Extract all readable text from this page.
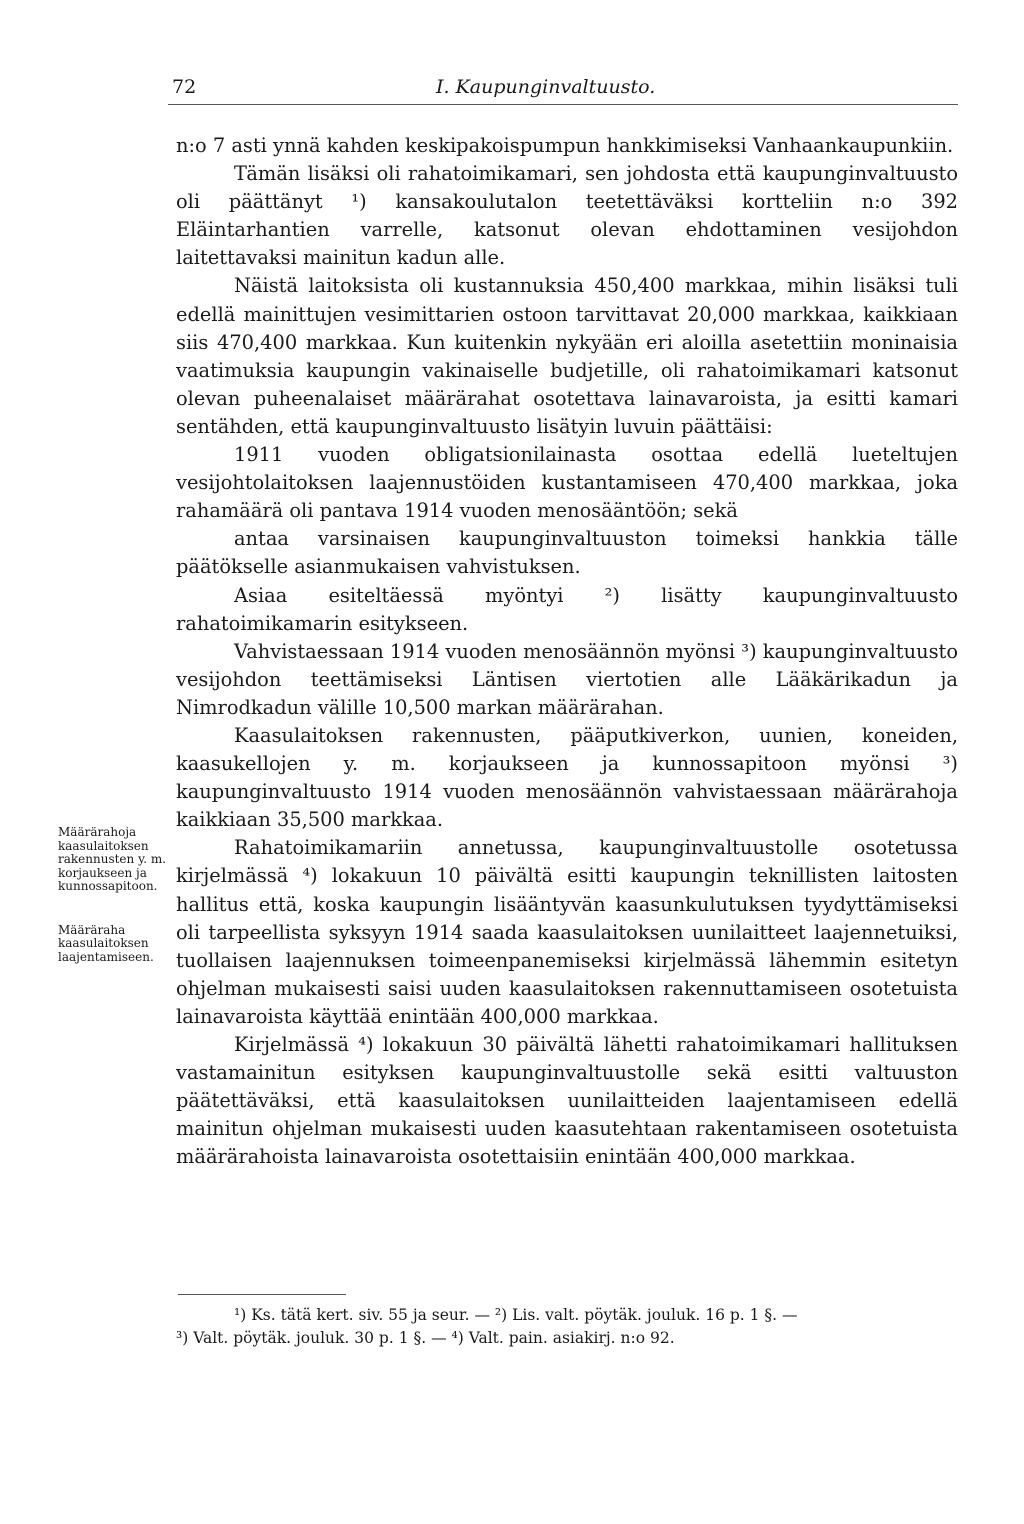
72	I. Kaupunginvaltuusto.

n:o 7 asti ynnä kahden keskipakoispumpun hankkimiseksi Vanhaankaupunkiin.

Tämän lisäksi oli rahatoimikamari, sen johdosta että kaupunginvaltuusto oli päättänyt ¹) kansakoulutalon teetettäväksi kortteliin n:o 392 Eläintarhantien varrelle, katsonut olevan ehdottaminen vesijohdon laitettavaksi mainitun kadun alle.

Näistä laitoksista oli kustannuksia 450,400 markkaa, mihin lisäksi tuli edellä mainittujen vesimittarien ostoon tarvittavat 20,000 markkaa, kaikkiaan siis 470,400 markkaa. Kun kuitenkin nykyään eri aloilla asetettiin moninaisia vaatimuksia kaupungin vakinaiselle budjetille, oli rahatoimikamari katsonut olevan puheenalaiset määrärahat osotettava lainavaroista, ja esitti kamari sentähden, että kaupunginvaltuusto lisätyin luvuin päättäisi:

1911 vuoden obligatsionilainasta osottaa edellä lueteltujen vesijohtolaitoksen laajennustöiden kustantamiseen 470,400 markkaa, joka rahamäärä oli pantava 1914 vuoden menosääntöön; sekä

antaa varsinaisen kaupunginvaltuuston toimeksi hankkia tälle päätökselle asianmukaisen vahvistuksen.

Asiaa esiteltäessä myöntyi ²) lisätty kaupunginvaltuusto rahatoimikamarin esitykseen.

Vahvistaessaan 1914 vuoden menosäännön myönsi ³) kaupunginvaltuusto vesijohdon teettämiseksi Läntisen viertotien alle Lääkärikadun ja Nimrodkadun välille 10,500 markan määrärahan.

Kaasulaitoksen rakennusten, pääputkiverkon, uunien, koneiden, kaasukellojen y. m. korjaukseen ja kunnossapitoon myönsi ³) kaupunginvaltuusto 1914 vuoden menosäännön vahvistaessaan määrärahoja kaikkiaan 35,500 markkaa.

Rahatoimikamariin annetussa, kaupunginvaltuustolle osotetussa kirjelmässä ⁴) lokakuun 10 päivältä esitti kaupungin teknillisten laitosten hallitus että, koska kaupungin lisääntyvän kaasunkulutuksen tyydyttämiseksi oli tarpeellista syksyyn 1914 saada kaasulaitoksen uunilaitteet laajennetuiksi, tuollaisen laajennuksen toimeenpanemiseksi kirjelmässä lähemmin esitetyn ohjelman mukaisesti saisi uuden kaasulaitoksen rakennuttamiseen osotetuista lainavaroista käyttää enintään 400,000 markkaa.

Kirjelmässä ⁴) lokakuun 30 päivältä lähetti rahatoimikamari hallituksen vastamainitun esityksen kaupunginvaltuustolle sekä esitti valtuuston päätettäväksi, että kaasulaitoksen uunilaitteiden laajentamiseen edellä mainitun ohjelman mukaisesti uuden kaasutehtaan rakentamiseen osotetuista määrärahoista lainavaroista osotettaisiin enintään 400,000 markkaa.

Määrärahoja kaasulaitoksen rakennusten y. m. korjaukseen ja kunnossapitoon.

Määräraha kaasulaitoksen laajentamiseen.

¹) Ks. tätä kert. siv. 55 ja seur. — ²) Lis. valt. pöytäk. jouluk. 16 p. 1 §. —

³) Valt. pöytäk. jouluk. 30 p. 1 §. — ⁴) Valt. pain. asiakirj. n:o 92.
